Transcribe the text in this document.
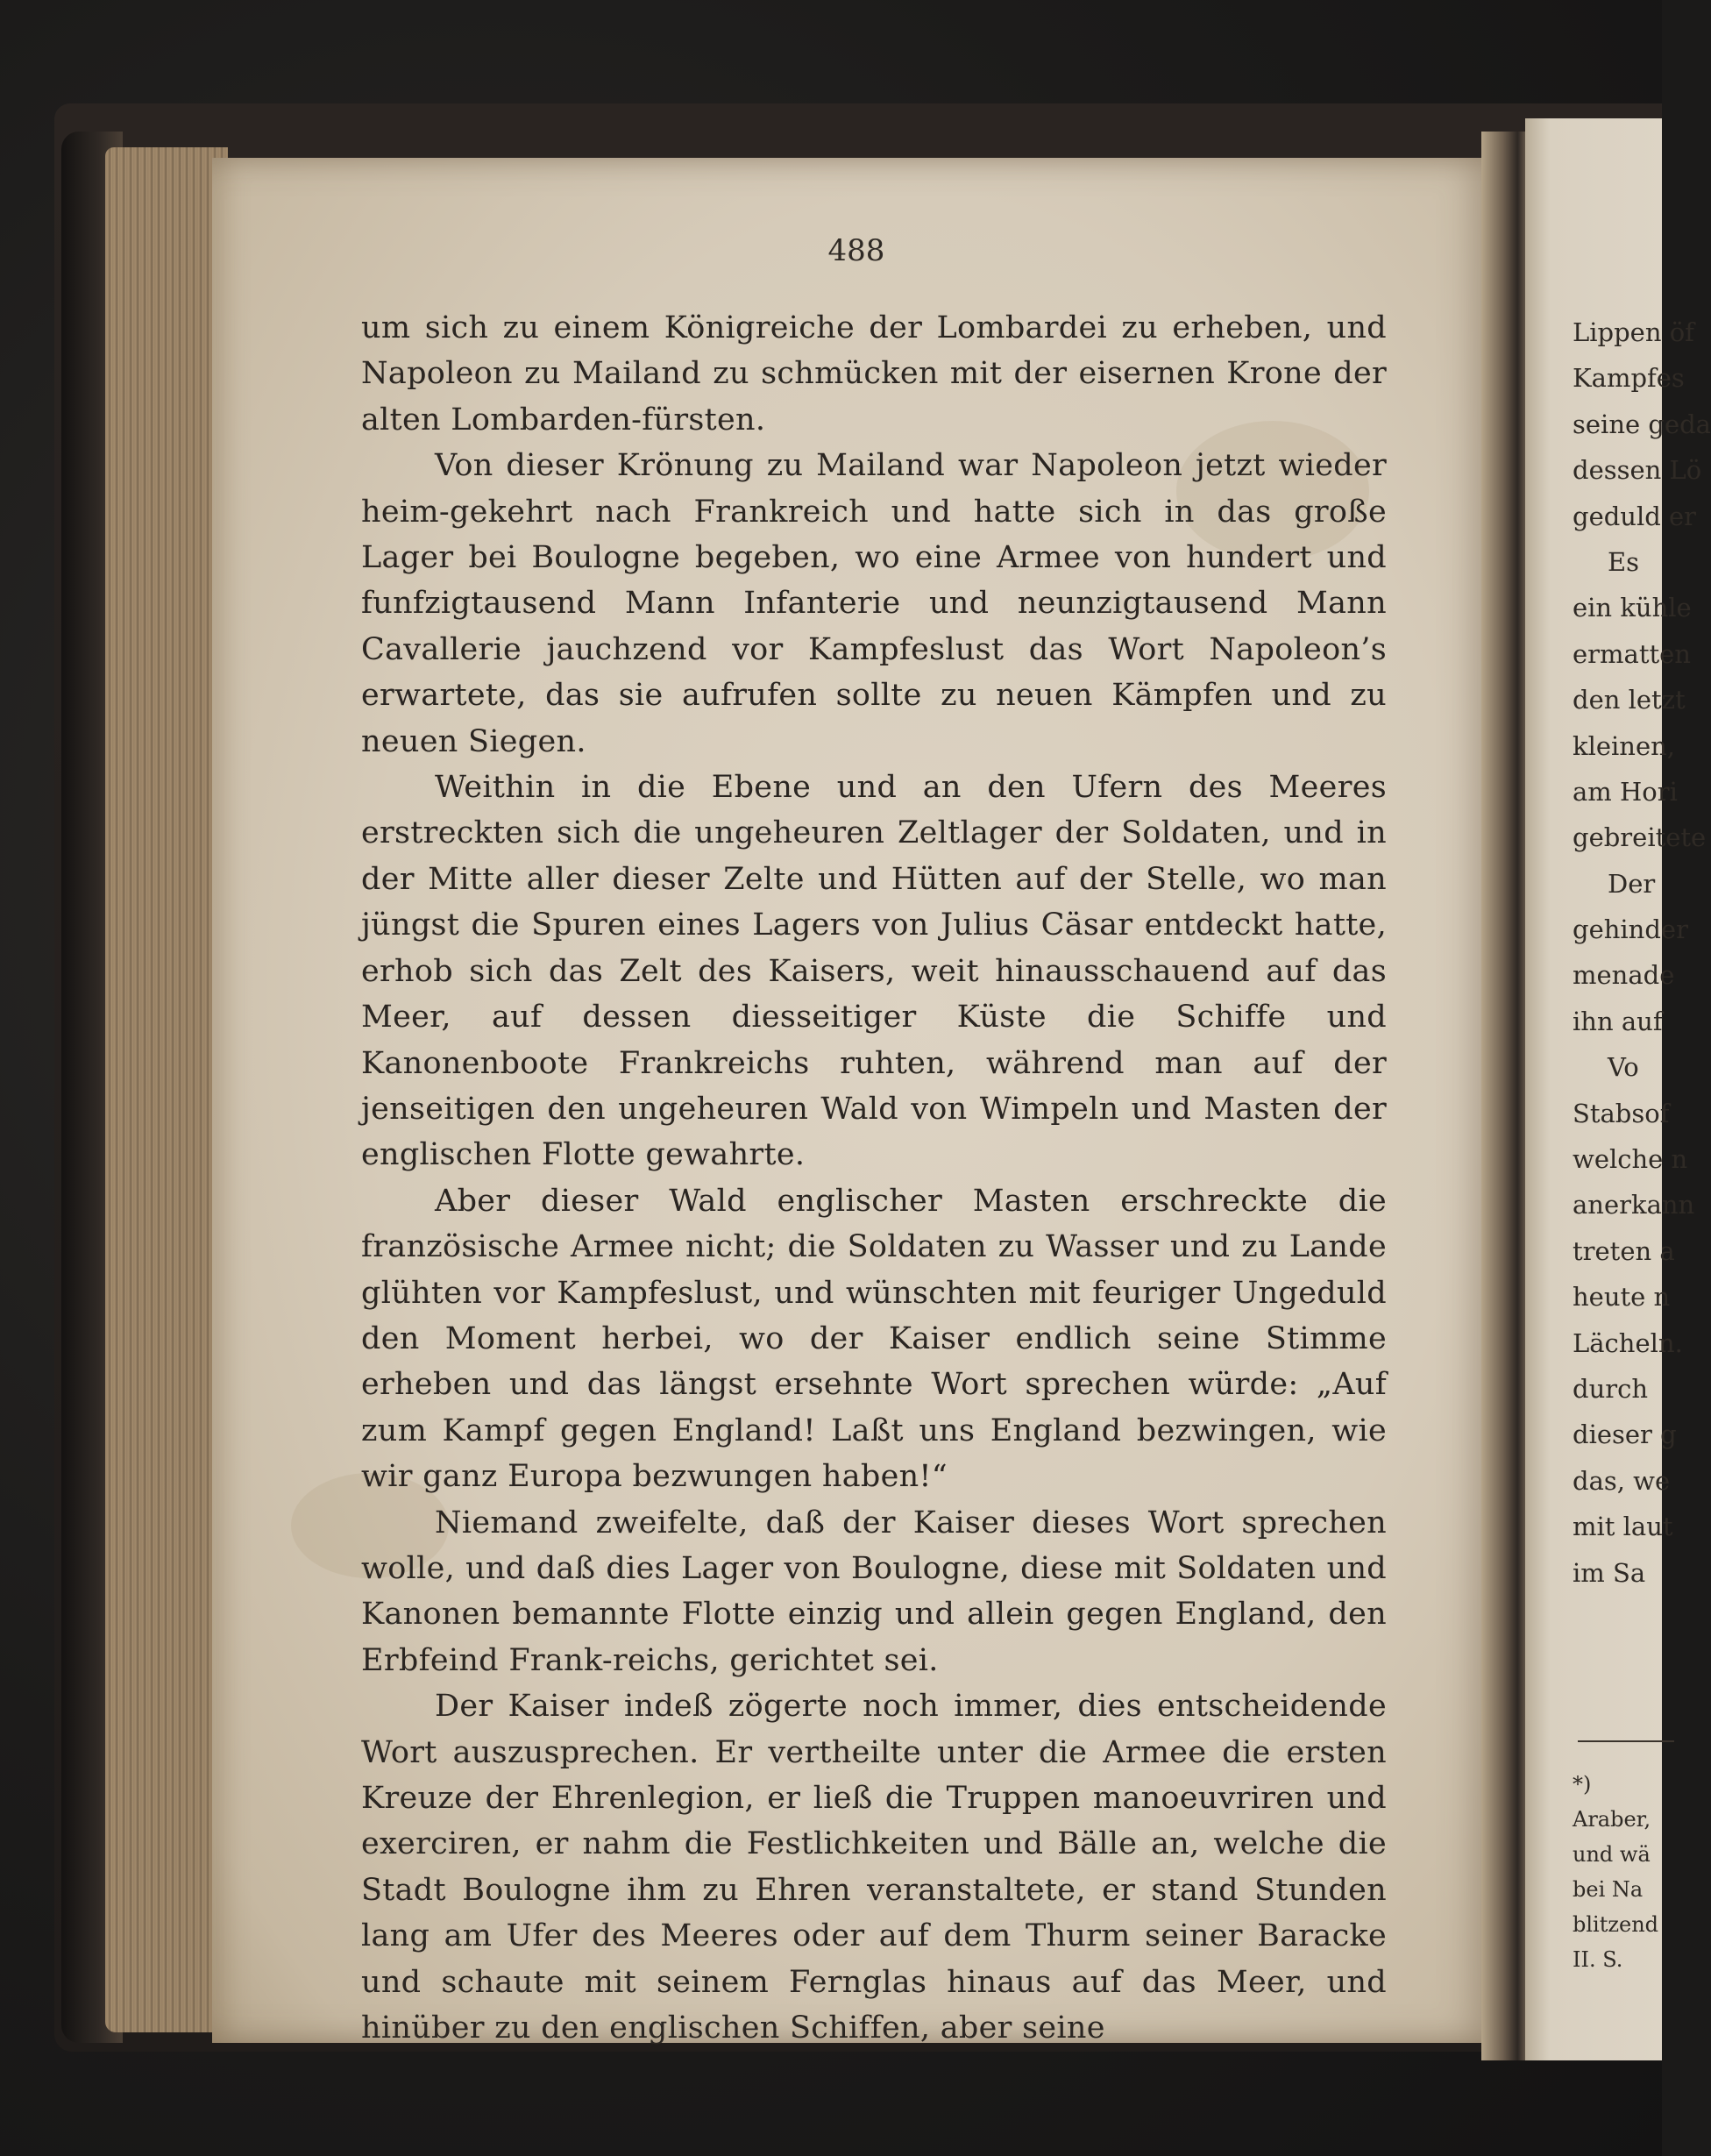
488

um sich zu einem Königreiche der Lombardei zu erheben, und Napoleon zu Mailand zu schmücken mit der eisernen Krone der alten Lombarden-fürsten.

Von dieser Krönung zu Mailand war Napoleon jetzt wieder heim-gekehrt nach Frankreich und hatte sich in das große Lager bei Boulogne begeben, wo eine Armee von hundert und funfzigtausend Mann Infanterie und neunzigtausend Mann Cavallerie jauchzend vor Kampfeslust das Wort Napoleon’s erwartete, das sie aufrufen sollte zu neuen Kämpfen und zu neuen Siegen.

Weithin in die Ebene und an den Ufern des Meeres erstreckten sich die ungeheuren Zeltlager der Soldaten, und in der Mitte aller dieser Zelte und Hütten auf der Stelle, wo man jüngst die Spuren eines Lagers von Julius Cäsar entdeckt hatte, erhob sich das Zelt des Kaisers, weit hinausschauend auf das Meer, auf dessen diesseitiger Küste die Schiffe und Kanonenboote Frankreichs ruhten, während man auf der jenseitigen den ungeheuren Wald von Wimpeln und Masten der englischen Flotte gewahrte.

Aber dieser Wald englischer Masten erschreckte die französische Armee nicht; die Soldaten zu Wasser und zu Lande glühten vor Kampfeslust, und wünschten mit feuriger Ungeduld den Moment herbei, wo der Kaiser endlich seine Stimme erheben und das längst ersehnte Wort sprechen würde: „Auf zum Kampf gegen England! Laßt uns England bezwingen, wie wir ganz Europa bezwungen haben!“

Niemand zweifelte, daß der Kaiser dieses Wort sprechen wolle, und daß dies Lager von Boulogne, diese mit Soldaten und Kanonen bemannte Flotte einzig und allein gegen England, den Erbfeind Frank-reichs, gerichtet sei.

Der Kaiser indeß zögerte noch immer, dies entscheidende Wort auszusprechen. Er vertheilte unter die Armee die ersten Kreuze der Ehrenlegion, er ließ die Truppen manoeuvriren und exerciren, er nahm die Festlichkeiten und Bälle an, welche die Stadt Boulogne ihm zu Ehren veranstaltete, er stand Stunden lang am Ufer des Meeres oder auf dem Thurm seiner Baracke und schaute mit seinem Fernglas hinaus auf das Meer, und hinüber zu den englischen Schiffen, aber seine

Lippen öf
Kampfes
seine geda
dessen Lö
geduld er
Es
ein kühle
ermatten
den letzt
kleinen,
am Hori
gebreitete
Der
gehinder
menade
ihn auf
Vo
Stabsof
welche n
anerkann
treten a
heute n
Lächeln.
durch
dieser g
das, we
mit laut
im Sa
*)
Araber,
und wä
bei Na
blitzend
II. S.
